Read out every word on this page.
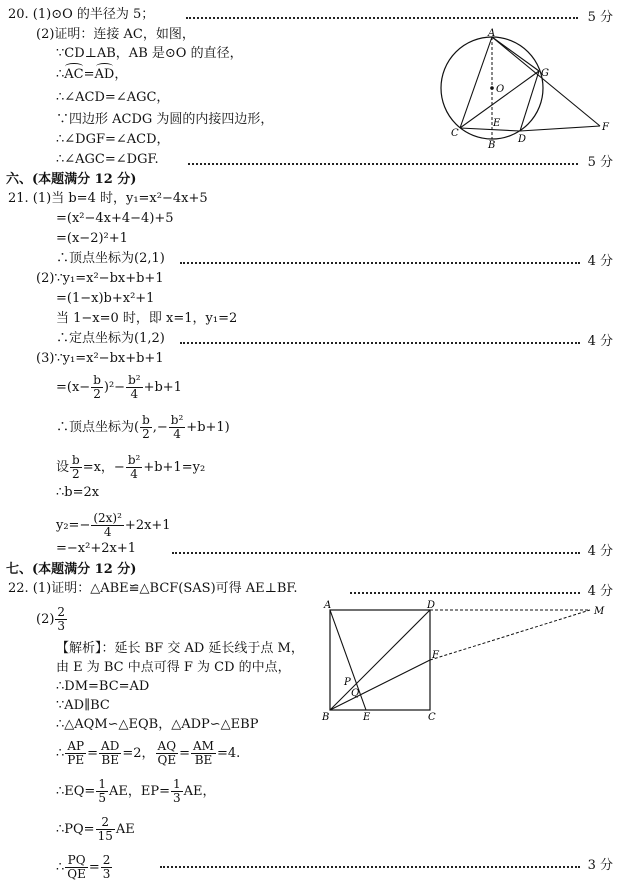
20. (1)⊙O 的半径为 5；	5 分
(2)证明：连接 AC，如图，
∵CD⊥AB，AB 是⊙O 的直径，
∴AC=AD，
∴∠ACD=∠AGC，
∵四边形 ACDG 为圆的内接四边形，
∴∠DGF=∠ACD，
∴∠AGC=∠DGF.	5 分
A
O
G
C
E
B
D
F
六、(本题满分 12 分)
21. (1)当 b=4 时，y₁=x²−4x+5
=(x²−4x+4−4)+5
=(x−2)²+1
∴顶点坐标为(2,1)	4 分
(2)∵y₁=x²−bx+b+1
=(1−x)b+x²+1
当 1−x=0 时，即 x=1，y₁=2
∴定点坐标为(1,2)	4 分
(3)∵y₁=x²−bx+b+1
$=(x- \frac{b}{2} )^2- \frac{\text{b²}}{4} +b+1$
∴顶点坐标为( $\frac{b}{2}$ ,− $\frac{\text{b²}}{4} +b+1$)
设 $\frac{b}{2} =x$，− $\frac{\text{b²}}{4} +b+1=y_2$
∴b=2x
$y_2=- \frac{\text{(2x)²}}{4} +2x+1$
=−x²+2x+1	4 分
七、(本题满分 12 分)
22. (1)证明：△ABE≌△BCF(SAS)可得 AE⊥BF.	4 分
$(2) \frac{2}{3}$
【解析】：延长 BF 交 AD 延长线于点 M，
由 E 为 BC 中点可得 F 为 CD 的中点，
∴DM=BC=AD
∵AD∥BC
∴△AQM∽△EQB，△ADP∽△EBP
∴ $\frac{AP}{PE} = \frac{AD}{BE} =2$， $\frac{AQ}{QE} = \frac{AM}{BE} =4$.
∴EQ= $\frac{1}{5}$ AE，$EP= \frac{1}{3}$ AE，
∴PQ= $\frac{2}{15}$ AE
∴ $\frac{PQ}{QE} = \frac{2}{3}$	3 分
A	D
M
P
Q
F
B	E	C
